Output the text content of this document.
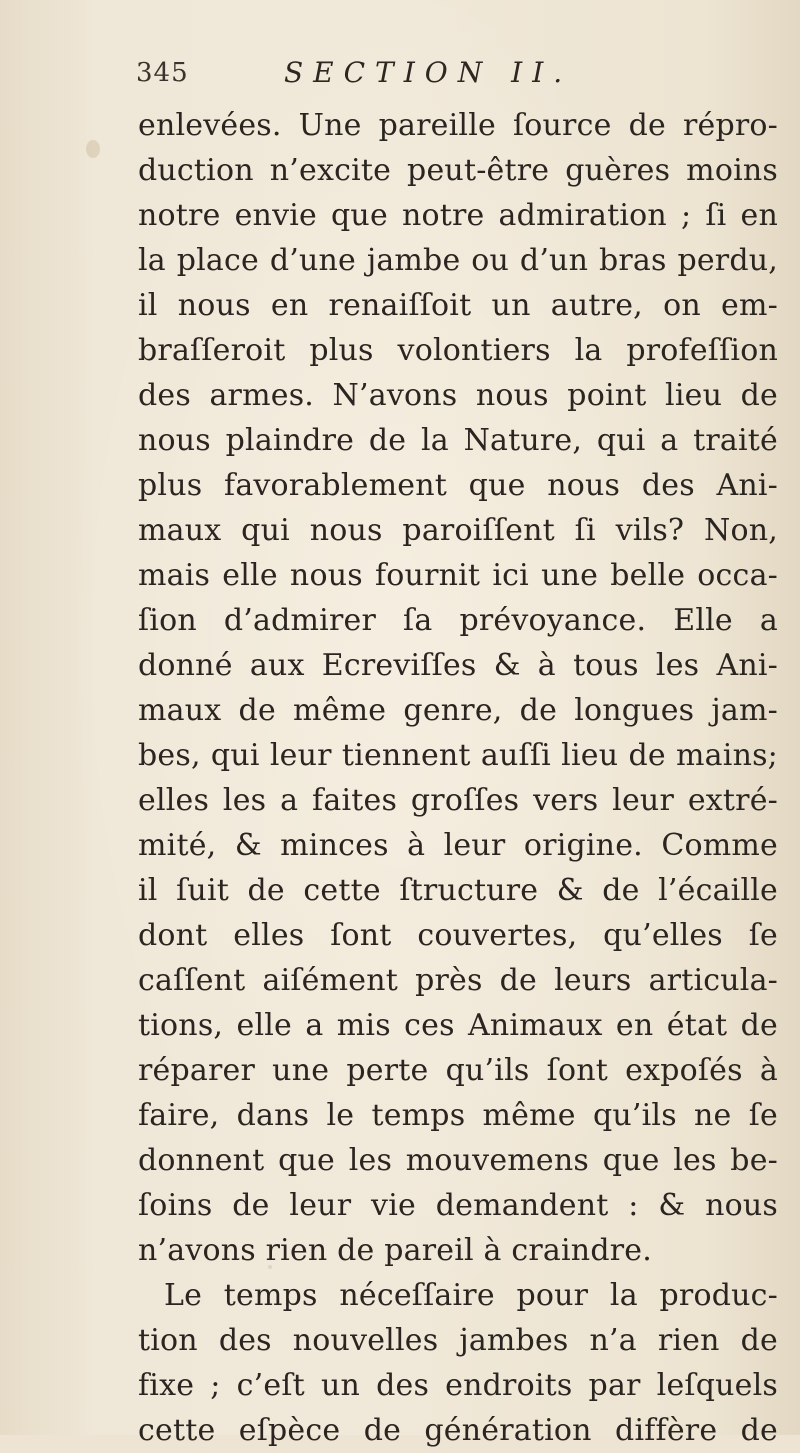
345	SECTION II.
enlevées. Une pareille ſource de répro-
duction n’excite peut-être guères moins
notre envie que notre admiration ; ſi en
la place d’une jambe ou d’un bras perdu,
il nous en renaiſſoit un autre, on em-
braſſeroit plus volontiers la profeſſion
des armes. N’avons nous point lieu de
nous plaindre de la Nature, qui a traité
plus favorablement que nous des Ani-
maux qui nous paroiſſent ſi vils? Non,
mais elle nous fournit ici une belle occa-
ſion d’admirer ſa prévoyance. Elle a
donné aux Ecreviſſes & à tous les Ani-
maux de même genre, de longues jam-
bes, qui leur tiennent auſſi lieu de mains;
elles les a faites groſſes vers leur extré-
mité, & minces à leur origine. Comme
il ſuit de cette ſtructure & de l’écaille
dont elles ſont couvertes, qu’elles ſe
caſſent aiſément près de leurs articula-
tions, elle a mis ces Animaux en état de
réparer une perte qu’ils ſont expoſés à
faire, dans le temps même qu’ils ne ſe
donnent que les mouvemens que les be-
ſoins de leur vie demandent : & nous
n’avons rien de pareil à craindre.
Le temps néceſſaire pour la produc-
tion des nouvelles jambes n’a rien de
fixe ; c’eſt un des endroits par leſquels
cette eſpèce de génération diffère de
